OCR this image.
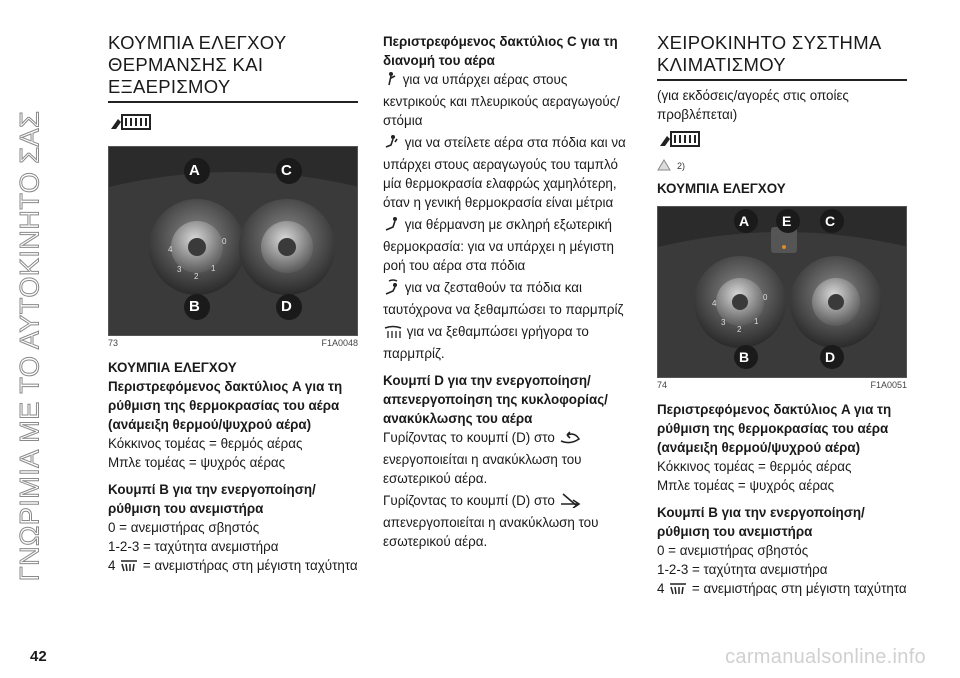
ΓΝΩΡΙΜΙΑ ΜΕ ΤΟ ΑΥΤΟΚΙΝΗΤΟ ΣΑΣ
42
ΚΟΥΜΠΙΑ ΕΛΕΓΧΟΥ
ΘΕΡΜΑΝΣΗΣ ΚΑΙ
ΕΞΑΕΡΙΣΜΟΥ
A	C
B	D
0
1
2
3
4
73	F1A0048
ΚΟΥΜΠΙΑ ΕΛΕΓΧΟΥ
Περιστρεφόμενος δακτύλιος A για τη ρύθμιση της θερμοκρασίας του αέρα (ανάμειξη θερμού/ψυχρού αέρα)
Κόκκινος τομέας = θερμός αέρας
Μπλε τομέας = ψυχρός αέρας
Κουμπί B για την ενεργοποίηση/ρύθμιση του ανεμιστήρα
0 = ανεμιστήρας σβηστός
1-2-3 = ταχύτητα ανεμιστήρα
4 = ανεμιστήρας στη μέγιστη ταχύτητα
Περιστρεφόμενος δακτύλιος C για τη διανομή του αέρα
για να υπάρχει αέρας στους κεντρικούς και πλευρικούς αεραγωγούς/στόμια
για να στείλετε αέρα στα πόδια και να υπάρχει στους αεραγωγούς του ταμπλό μία θερμοκρασία ελαφρώς χαμηλότερη, όταν η γενική θερμοκρασία είναι μέτρια
για θέρμανση με σκληρή εξωτερική θερμοκρασία: για να υπάρχει η μέγιστη ροή του αέρα στα πόδια
για να ζεσταθούν τα πόδια και ταυτόχρονα να ξεθαμπώσει το παρμπρίζ
για να ξεθαμπώσει γρήγορα το παρμπρίζ.
Κουμπί D για την ενεργοποίηση/απενεργοποίηση της κυκλοφορίας/ανακύκλωσης του αέρα
Γυρίζοντας το κουμπί (D) στο  ενεργοποιείται η ανακύκλωση του εσωτερικού αέρα.
Γυρίζοντας το κουμπί (D) στο  απενεργοποιείται η ανακύκλωση του εσωτερικού αέρα.
ΧΕΙΡΟΚΙΝΗΤΟ ΣΥΣΤΗΜΑ
ΚΛΙΜΑΤΙΣΜΟΥ
(για εκδόσεις/αγορές στις οποίες προβλέπεται)
2)
ΚΟΥΜΠΙΑ ΕΛΕΓΧΟΥ
A E C
B	D
0
1
2
3
4
74	F1A0051
Περιστρεφόμενος δακτύλιος A για τη ρύθμιση της θερμοκρασίας του αέρα (ανάμειξη θερμού/ψυχρού αέρα)
Κόκκινος τομέας = θερμός αέρας
Μπλε τομέας = ψυχρός αέρας
Κουμπί B για την ενεργοποίηση/ρύθμιση του ανεμιστήρα
0 = ανεμιστήρας σβηστός
1-2-3 = ταχύτητα ανεμιστήρα
4 = ανεμιστήρας στη μέγιστη ταχύτητα
carmanualsonline.info
